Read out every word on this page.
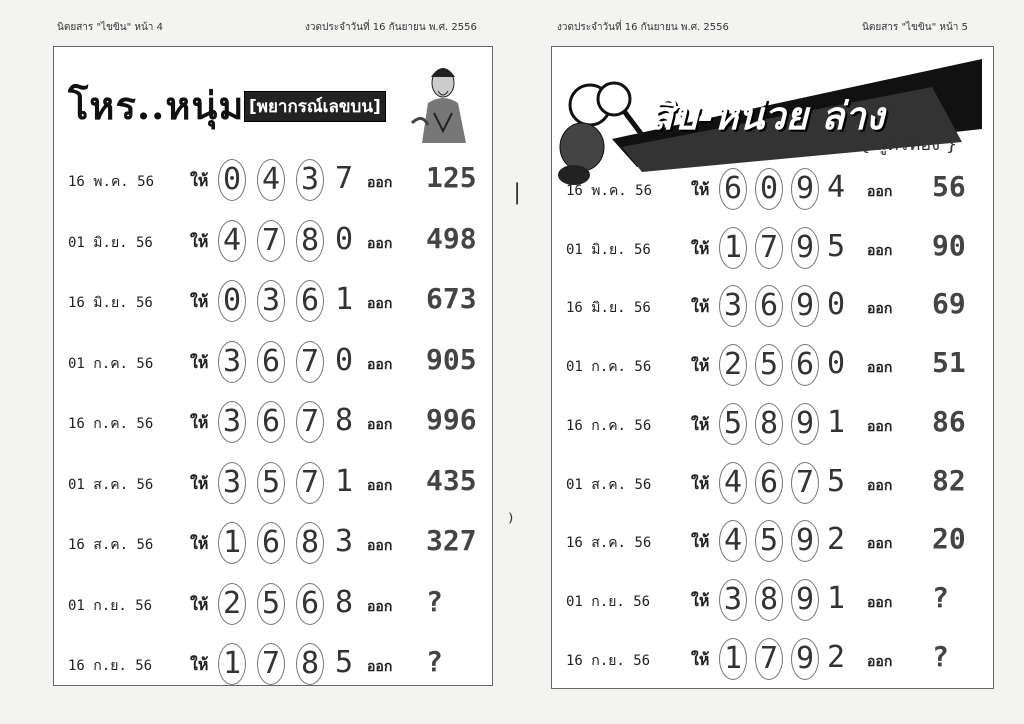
นิตยสาร "ไขขิน" หน้า 4	งวดประจำวันที่ 16 กันยายน พ.ศ. 2556	งวดประจำวันที่ 16 กันยายน พ.ศ. 2556	นิตยสาร "ไขขิน" หน้า 5
โหร..หนุ่ม [พยากรณ์เลขบน]
16 พ.ค. 56 ให้ 0 4 3 7 ออก 125
01 มิ.ย. 56 ให้ 4 7 8 0 ออก 498
16 มิ.ย. 56 ให้ 0 3 6 1 ออก 673
01 ก.ค. 56 ให้ 3 6 7 0 ออก 905
16 ก.ค. 56 ให้ 3 6 7 8 ออก 996
01 ส.ค. 56 ให้ 3 5 7 1 ออก 435
16 ส.ค. 56 ให้ 1 6 8 3 ออก 327
01 ก.ย. 56 ให้ 2 5 6 8 ออก ?
16 ก.ย. 56 ให้ 1 7 8 5 ออก ?
สิบ-หน่วย ล่าง
{ สูตรทอง }
16 พ.ค. 56 ให้ 6 0 9 4 ออก 56
01 มิ.ย. 56	ให้ 1 7 9 5 ออก 90
16 มิ.ย. 56	ให้ 3 6 9 0 ออก 69
01 ก.ค. 56 ให้ 2 5 6 0 ออก 51
16 ก.ค. 56 ให้ 5 8 9 1 ออก 86
01 ส.ค. 56 ให้ 4 6 7 5 ออก 82
16 ส.ค. 56 ให้ 4 5 9 2 ออก 20
01 ก.ย. 56	ให้ 3 8 9 1 ออก ?
16 ก.ย. 56	ให้ 1 7 9 2 ออก ?
❘
⁾
